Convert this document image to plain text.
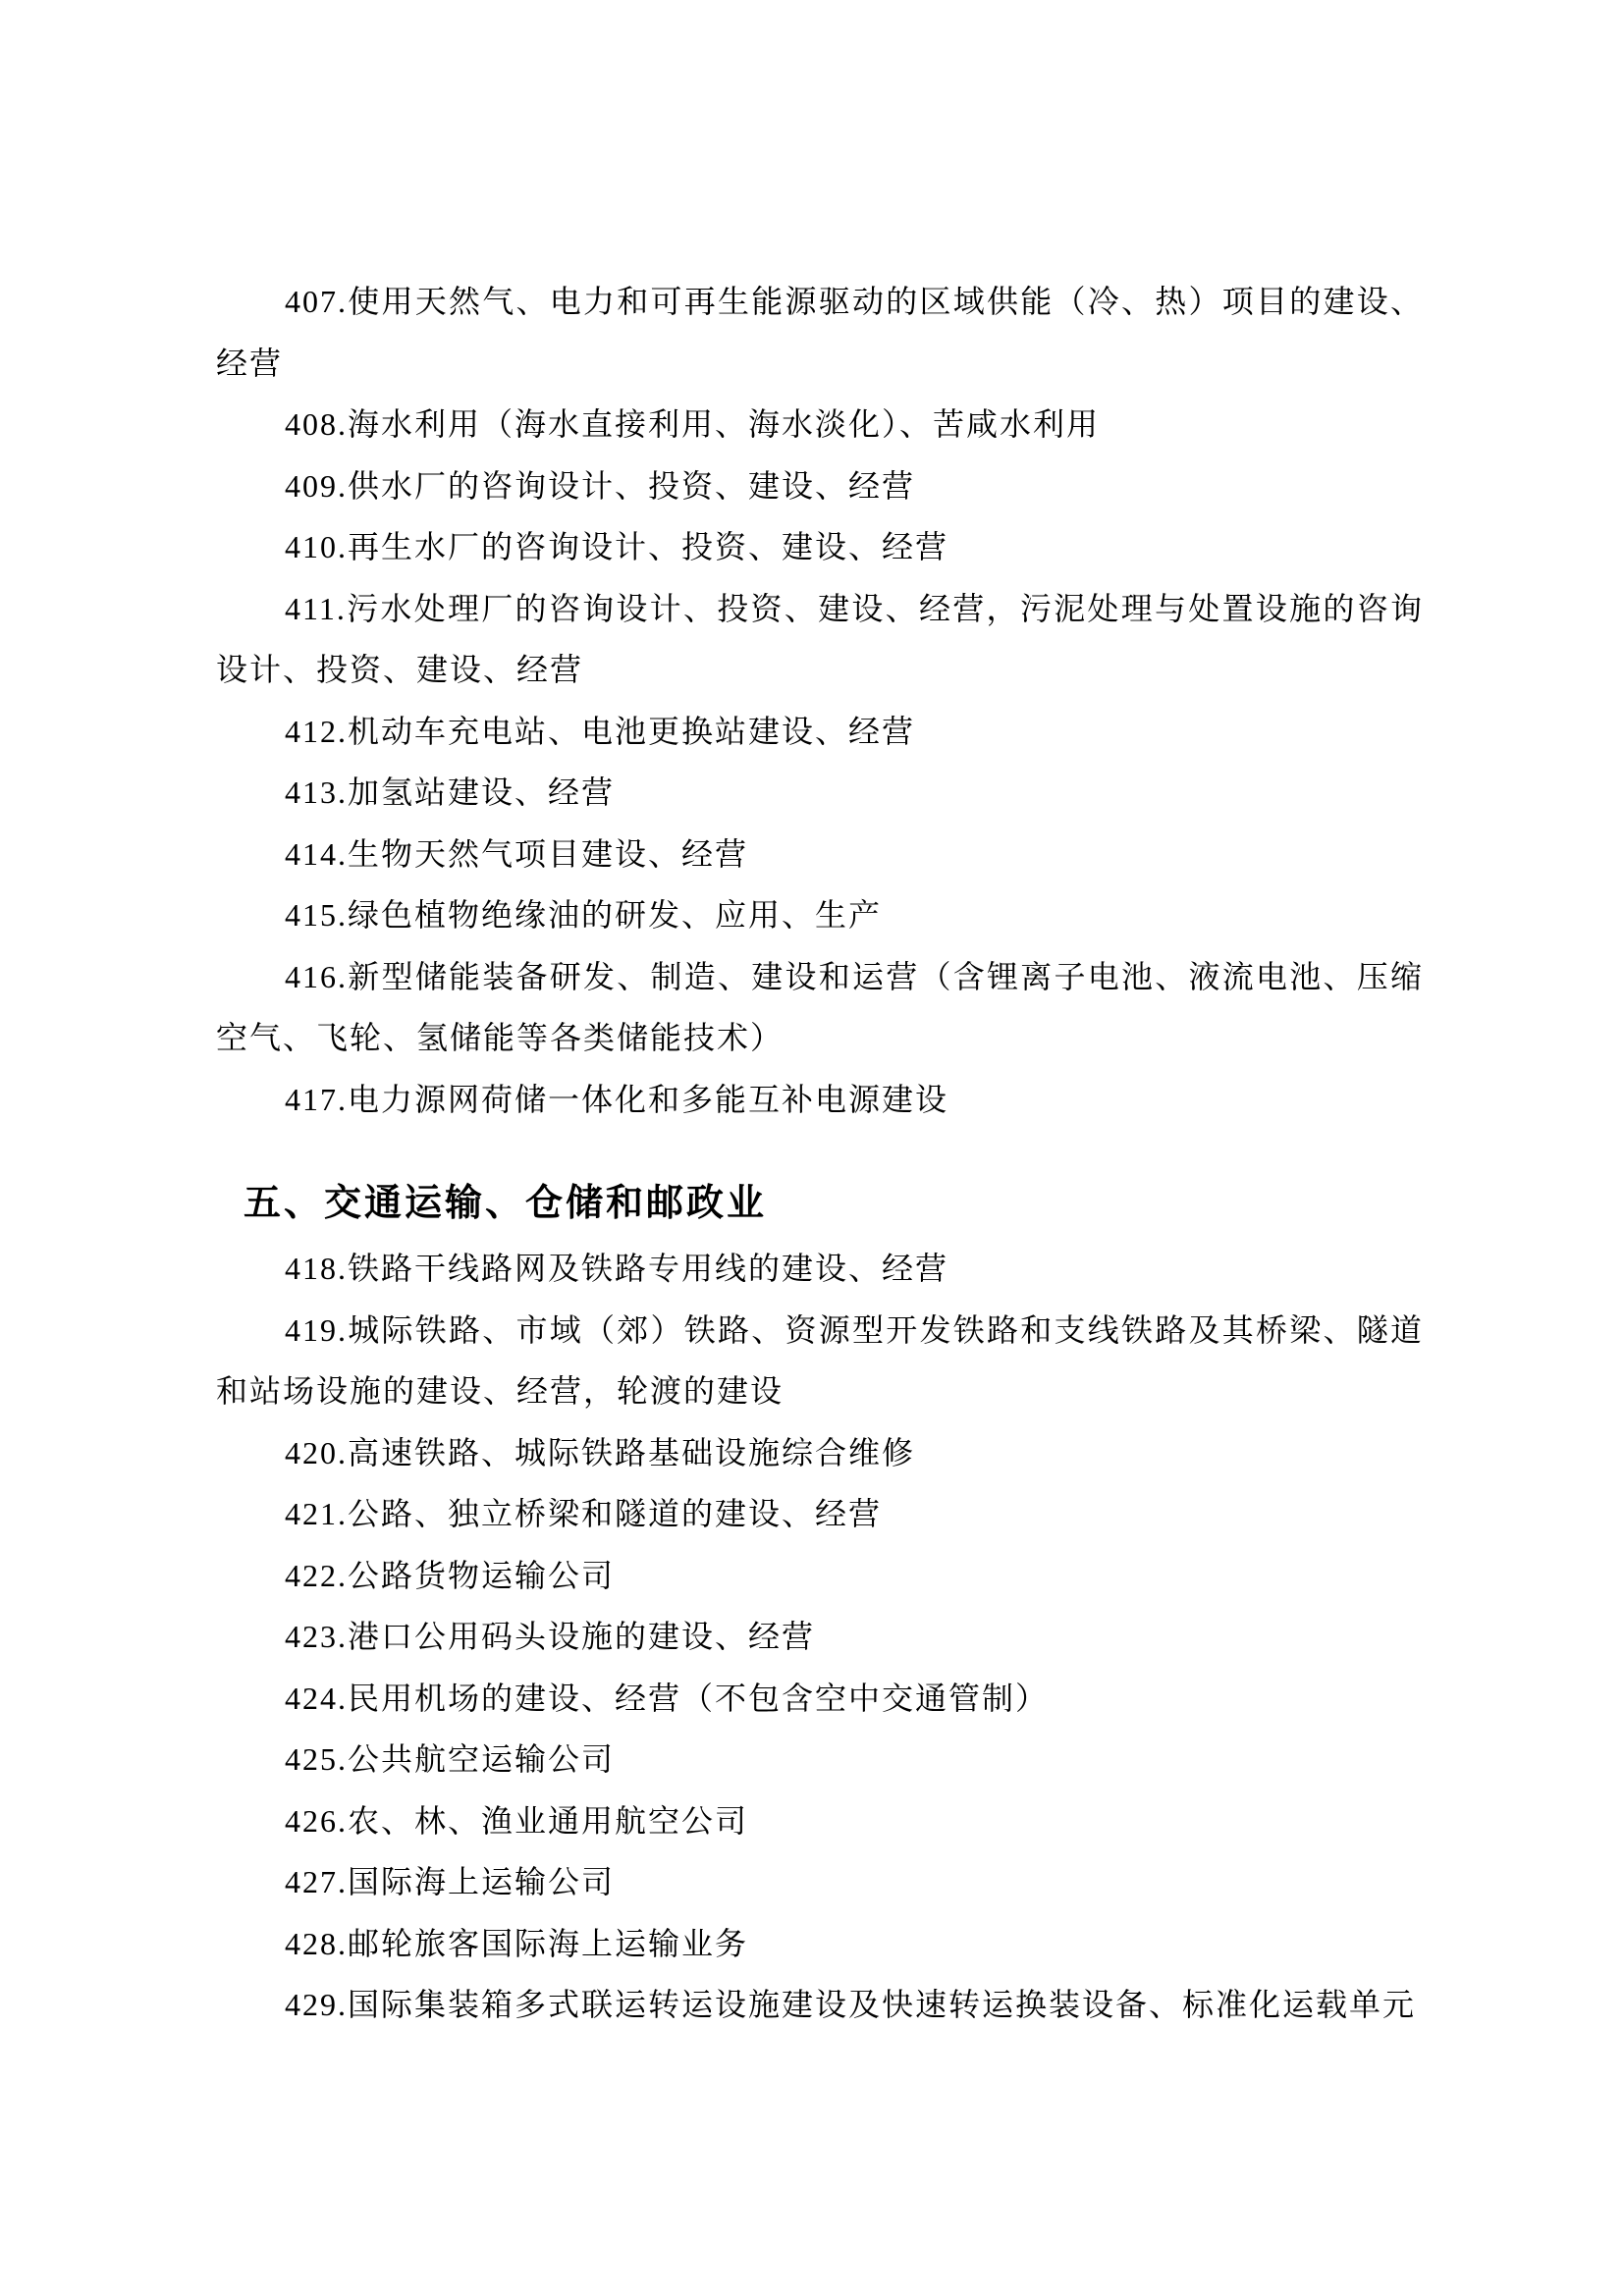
407.使用天然气、电力和可再生能源驱动的区域供能（冷、热）项目的建设、经营

408.海水利用（海水直接利用、海水淡化）、苦咸水利用

409.供水厂的咨询设计、投资、建设、经营

410.再生水厂的咨询设计、投资、建设、经营

411.污水处理厂的咨询设计、投资、建设、经营，污泥处理与处置设施的咨询设计、投资、建设、经营

412.机动车充电站、电池更换站建设、经营

413.加氢站建设、经营

414.生物天然气项目建设、经营

415.绿色植物绝缘油的研发、应用、生产

416.新型储能装备研发、制造、建设和运营（含锂离子电池、液流电池、压缩空气、飞轮、氢储能等各类储能技术）

417.电力源网荷储一体化和多能互补电源建设

五、交通运输、仓储和邮政业

418.铁路干线路网及铁路专用线的建设、经营

419.城际铁路、市域（郊）铁路、资源型开发铁路和支线铁路及其桥梁、隧道和站场设施的建设、经营，轮渡的建设

420.高速铁路、城际铁路基础设施综合维修

421.公路、独立桥梁和隧道的建设、经营

422.公路货物运输公司

423.港口公用码头设施的建设、经营

424.民用机场的建设、经营（不包含空中交通管制）

425.公共航空运输公司

426.农、林、渔业通用航空公司

427.国际海上运输公司

428.邮轮旅客国际海上运输业务

429.国际集装箱多式联运转运设施建设及快速转运换装设备、标准化运载单元
